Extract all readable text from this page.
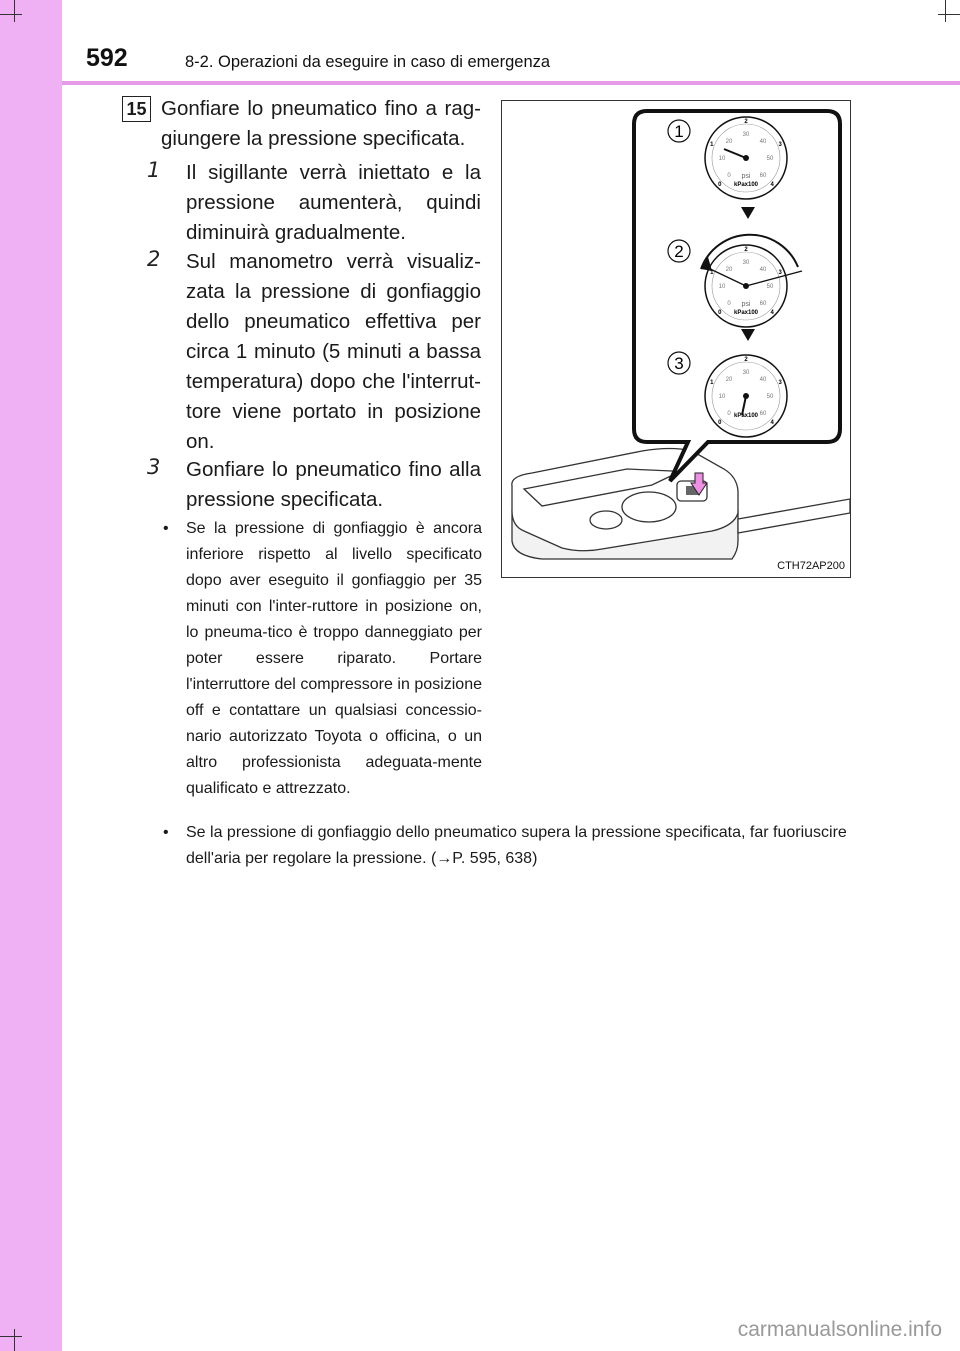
592	8-2. Operazioni da eseguire in caso di emergenza
15 Gonfiare lo pneumatico fino a rag-giungere la pressione specificata.
1 Il sigillante verrà iniettato e la pressione aumenterà, quindi diminuirà gradualmente.
2 Sul manometro verrà visualiz-zata la pressione di gonfiaggio dello pneumatico effettiva per circa 1 minuto (5 minuti a bassa temperatura) dopo che l'interrut-tore viene portato in posizione on.
3 Gonfiare lo pneumatico fino alla pressione specificata.
• Se la pressione di gonfiaggio è ancora inferiore rispetto al livello specificato dopo aver eseguito il gonfiaggio per 35 minuti con l'inter-ruttore in posizione on, lo pneuma-tico è troppo danneggiato per poter essere riparato. Portare l'interruttore del compressore in posizione off e contattare un qualsiasi concessio-nario autorizzato Toyota o officina, o un altro professionista adeguata-mente qualificato e attrezzato.
• Se la pressione di gonfiaggio dello pneumatico supera la pressione specificata, far fuoriuscire dell'aria per regolare la pressione. (→P. 595, 638)
1
2
3
psi
kPax100
psi
kPax100
kPax100
0
10
20
30
40
50
60
0
1
2
3
4
0
10
20
30
40
50
60
0
1
2
3
4
0
10
20
30
40
50
60
0
1
2
3
4
CTH72AP200
carmanualsonline.info
